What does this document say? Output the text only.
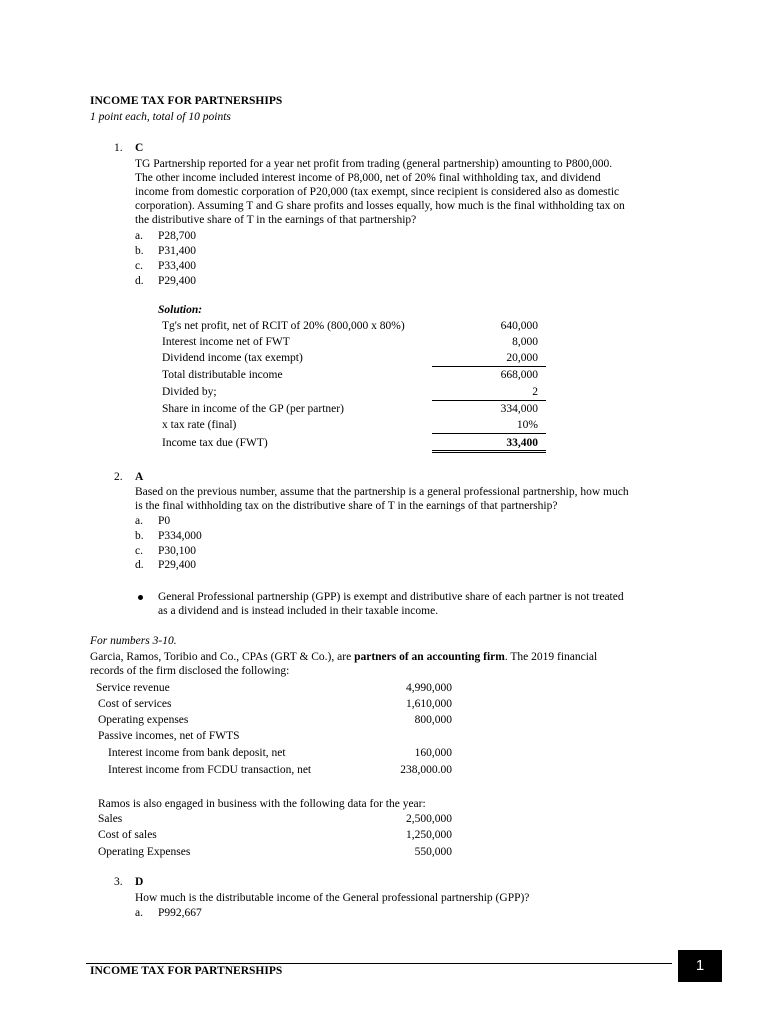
INCOME TAX FOR PARTNERSHIPS
1 point each, total of 10 points
1. C
TG Partnership reported for a year net profit from trading (general partnership) amounting to P800,000.
The other income included interest income of P8,000, net of 20% final withholding tax, and dividend
income from domestic corporation of P20,000 (tax exempt, since recipient is considered also as domestic
corporation). Assuming T and G share profits and losses equally, how much is the final withholding tax on
the distributive share of T in the earnings of that partnership?
a. P28,700
b. P31,400
c. P33,400
d. P29,400
Solution:
Tg's net profit, net of RCIT of 20% (800,000 x 80%)	640,000
Interest income net of FWT	8,000
Dividend income (tax exempt)	20,000
Total distributable income	668,000
Divided by;	2
Share in income of the GP (per partner)	334,000
x tax rate (final)	10%
Income tax due (FWT)	33,400
2. A
Based on the previous number, assume that the partnership is a general professional partnership, how much
is the final withholding tax on the distributive share of T in the earnings of that partnership?
a. P0
b. P334,000
c. P30,100
d. P29,400
General Professional partnership (GPP) is exempt and distributive share of each partner is not treated
as a dividend and is instead included in their taxable income.
For numbers 3-10.
Garcia, Ramos, Toribio and Co., CPAs (GRT & Co.), are partners of an accounting firm. The 2019 financial
records of the firm disclosed the following:
Service revenue	4,990,000
Cost of services	1,610,000
Operating expenses	800,000
Passive incomes, net of FWTS
Interest income from bank deposit, net	160,000
Interest income from FCDU transaction, net	238,000.00
Ramos is also engaged in business with the following data for the year:
Sales	2,500,000
Cost of sales	1,250,000
Operating Expenses	550,000
3. D
How much is the distributable income of the General professional partnership (GPP)?
a. P992,667
INCOME TAX FOR PARTNERSHIPS	1
